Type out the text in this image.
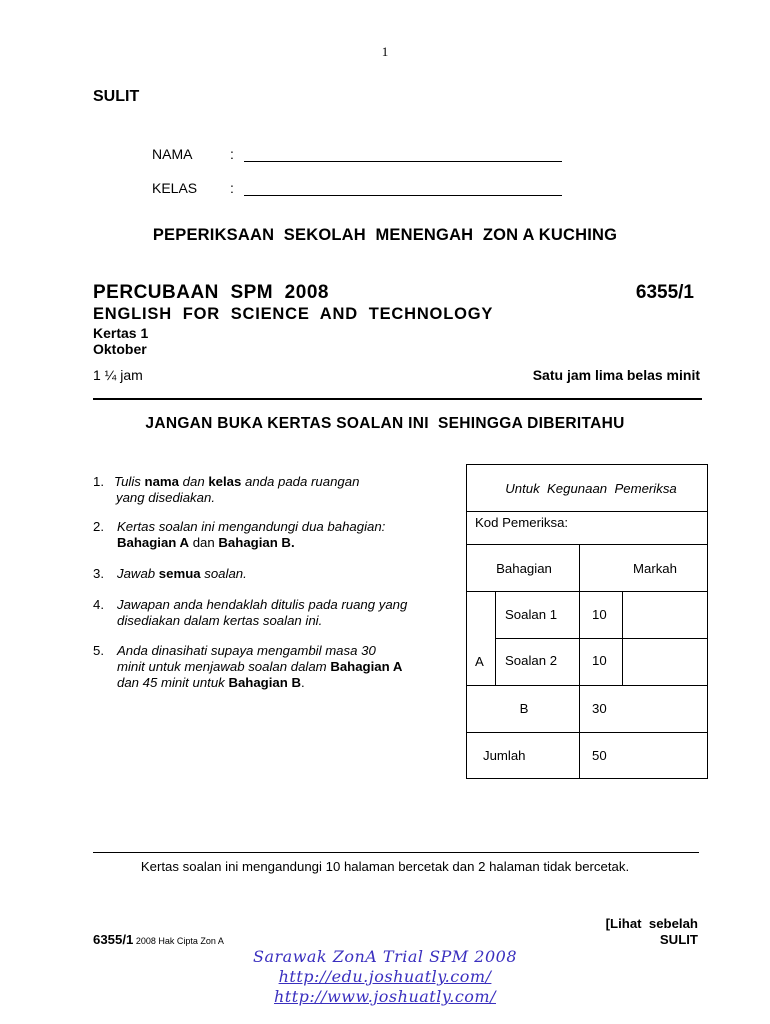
1
SULIT
NAMA	:
KELAS :
PEPERIKSAAN  SEKOLAH  MENENGAH  ZON A KUCHING
PERCUBAAN  SPM  2008	6355/1
ENGLISH  FOR  SCIENCE  AND  TECHNOLOGY
Kertas 1
Oktober
1 ¼ jam	Satu jam lima belas minit
JANGAN BUKA KERTAS SOALAN INI  SEHINGGA DIBERITAHU
1. Tulis nama dan kelas anda pada ruangan
yang disediakan.
2. Kertas soalan ini mengandungi dua bahagian:
Bahagian A dan Bahagian B.
3. Jawab semua soalan.
4. Jawapan anda hendaklah ditulis pada ruang yang
disediakan dalam kertas soalan ini.
5. Anda dinasihati supaya mengambil masa 30
minit untuk menjawab soalan dalam Bahagian A
dan 45 minit untuk Bahagian B.
Untuk  Kegunaan  Pemeriksa
Kod Pemeriksa:
Bahagian	Markah
A
Soalan 1	10
Soalan 2	10
B	30
Jumlah	50
Kertas soalan ini mengandungi 10 halaman bercetak dan 2 halaman tidak bercetak.
[Lihat  sebelah
SULIT
6355/1 2008 Hak Cipta Zon A
Sarawak ZonA Trial SPM 2008
http://edu.joshuatly.com/
http://www.joshuatly.com/
